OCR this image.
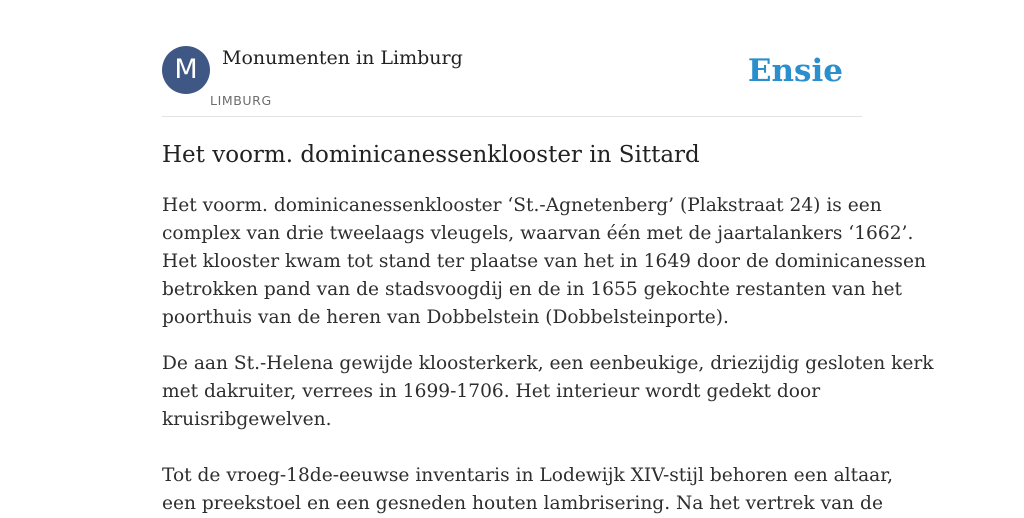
M	Monumenten in Limburg
LIMBURG
Ensie
Het voorm. dominicanessenklooster in Sittard

Het voorm. dominicanessenklooster ‘St.-Agnetenberg’ (Plakstraat 24) is een
complex van drie tweelaags vleugels, waarvan één met de jaartalankers ‘1662’.
Het klooster kwam tot stand ter plaatse van het in 1649 door de dominicanessen
betrokken pand van de stadsvoogdij en de in 1655 gekochte restanten van het
poorthuis van de heren van Dobbelstein (Dobbelsteinporte).

De aan St.-Helena gewijde kloosterkerk, een eenbeukige, driezijdig gesloten kerk
met dakruiter, verrees in 1699-1706. Het interieur wordt gedekt door
kruisribgewelven.

Tot de vroeg-18de-eeuwse inventaris in Lodewijk XIV-stijl behoren een altaar,
een preekstoel en een gesneden houten lambrisering. Na het vertrek van de
